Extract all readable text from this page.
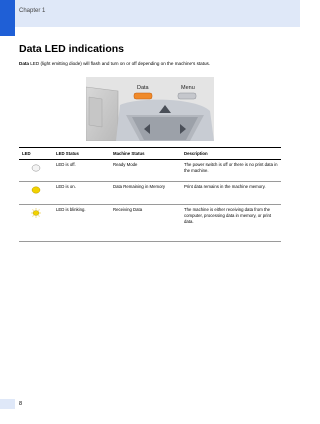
Chapter 1
Data LED indications
Data LED (light emitting diode) will flash and turn on or off depending on the machine’s status.
Data	Menu
LED	LED Status	Machine Status	Description
	LED is off.	Ready Mode	The power switch is off or there is no print data in the machine.
	LED is on.	Data Remaining in Memory	Print data remains in the machine memory.
	LED is blinking.	Receiving Data	The machine is either receiving data from the computer, processing data in memory, or print data.
8
